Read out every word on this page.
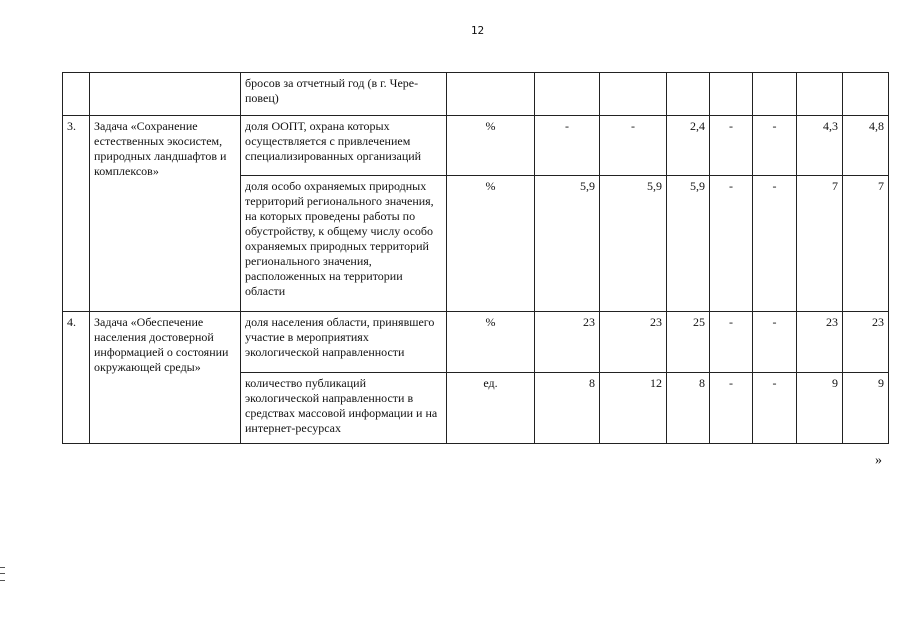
12
		бросов за отчетный год (в г. Чере-повец)								
3.	Задача «Сохранение естественных экосистем, природных ландшафтов и комплексов»	доля ООПТ, охрана которых осуществляется с привлечением специализированных организаций	%	-	-	2,4	-	-	4,3	4,8
		доля особо охраняемых природных территорий регионального значения, на которых проведены работы по обустройству, к общему числу особо охраняемых природных территорий регионального значения, расположенных на территории области	%	5,9	5,9	5,9	-	-	7	7
4.	Задача «Обеспечение населения достоверной информацией о состоянии окружающей среды»	доля населения области, принявшего участие в мероприятиях экологической направленности	%	23	23	25	-	-	23	23
		количество публикаций экологической направленности в средствах массовой информации и на интернет-ресурсах	ед.	8	12	8	-	-	9	9
»
